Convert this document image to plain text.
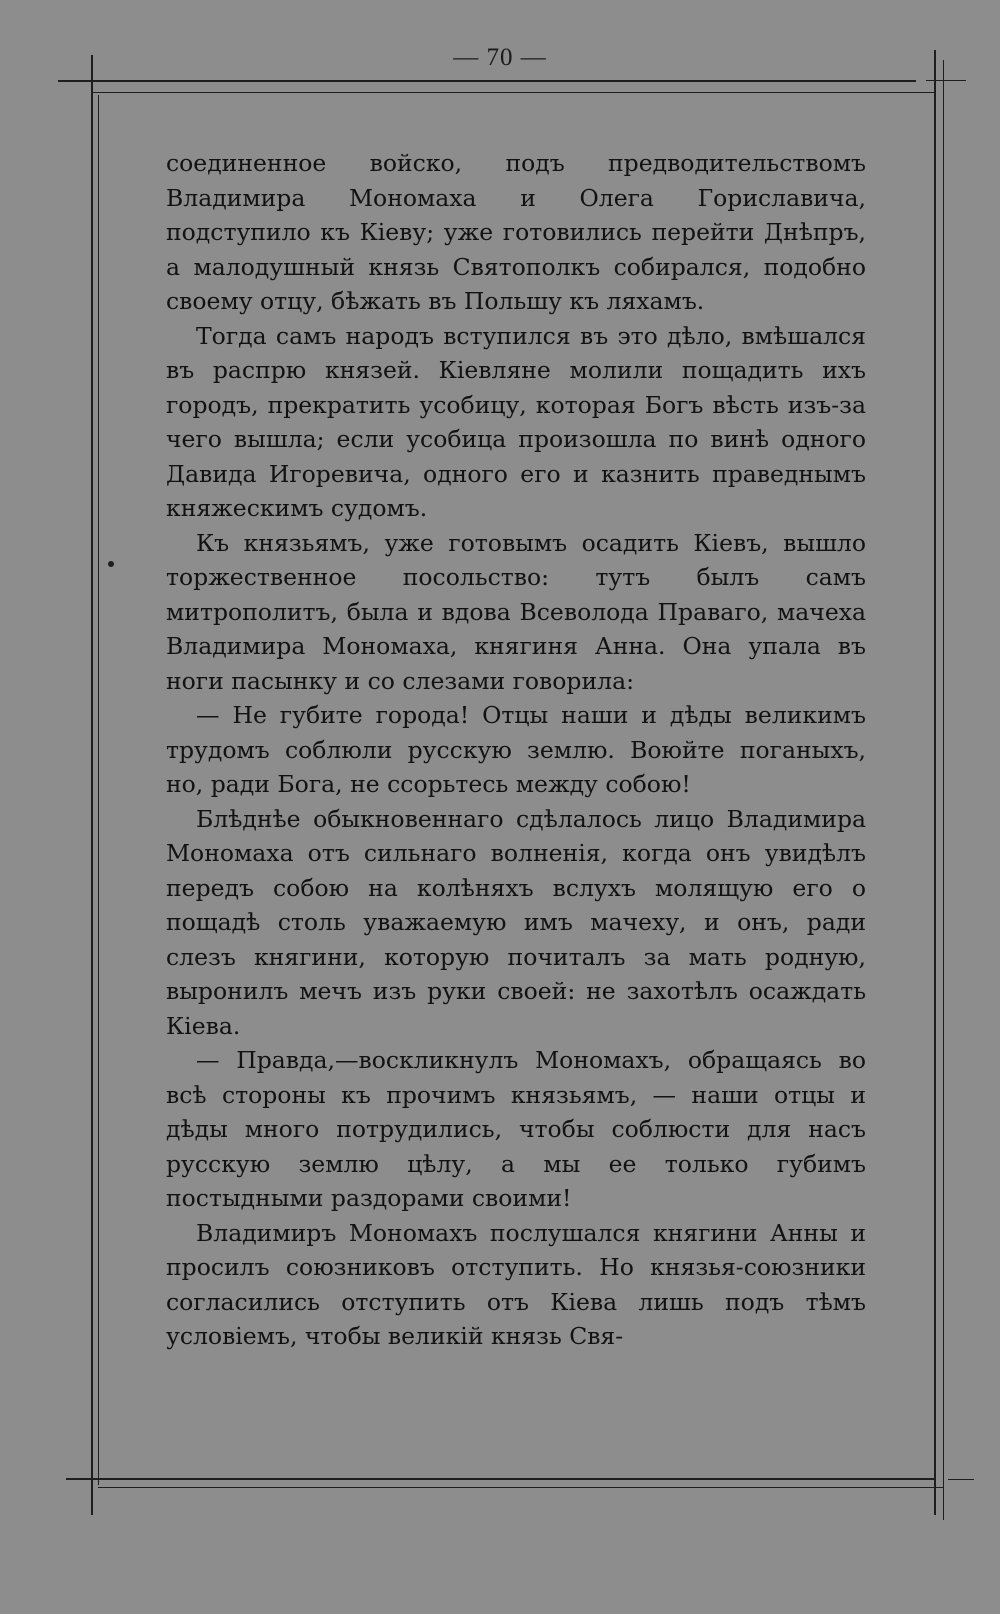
— 70 —

соединенное войско, подъ предводительствомъ Владимира Мономаха и Олега Гориславича, подступило къ Кіеву; уже готовились перейти Днѣпръ, а малодушный князь Святополкъ собирался, подобно своему отцу, бѣжать въ Польшу къ ляхамъ.

Тогда самъ народъ вступился въ это дѣло, вмѣшался въ распрю князей. Кіевляне молили пощадить ихъ городъ, прекратить усобицу, которая Богъ вѣсть изъ-за чего вышла; если усобица произошла по винѣ одного Давида Игоревича, одного его и казнить праведнымъ княжескимъ судомъ.

Къ князьямъ, уже готовымъ осадить Кіевъ, вышло торжественное посольство: тутъ былъ самъ митрополитъ, была и вдова Всеволода Праваго, мачеха Владимира Мономаха, княгиня Анна. Она упала въ ноги пасынку и со слезами говорила:

— Не губите города! Отцы наши и дѣды великимъ трудомъ соблюли русскую землю. Воюйте поганыхъ, но, ради Бога, не ссорьтесь между собою!

Блѣднѣе обыкновеннаго сдѣлалось лицо Владимира Мономаха отъ сильнаго волненія, когда онъ увидѣлъ передъ собою на колѣняхъ вслухъ молящую его о пощадѣ столь уважаемую имъ мачеху, и онъ, ради слезъ княгини, которую почиталъ за мать родную, выронилъ мечъ изъ руки своей: не захотѣлъ осаждать Кіева.

— Правда,—воскликнулъ Мономахъ, обращаясь во всѣ стороны къ прочимъ князьямъ, — наши отцы и дѣды много потрудились, чтобы соблюсти для насъ русскую землю цѣлу, а мы ее только губимъ постыдными раздорами своими!

Владимиръ Мономахъ послушался княгини Анны и просилъ союзниковъ отступить. Но князья-союзники согласились отступить отъ Кіева лишь подъ тѣмъ условіемъ, чтобы великій князь Свя-
